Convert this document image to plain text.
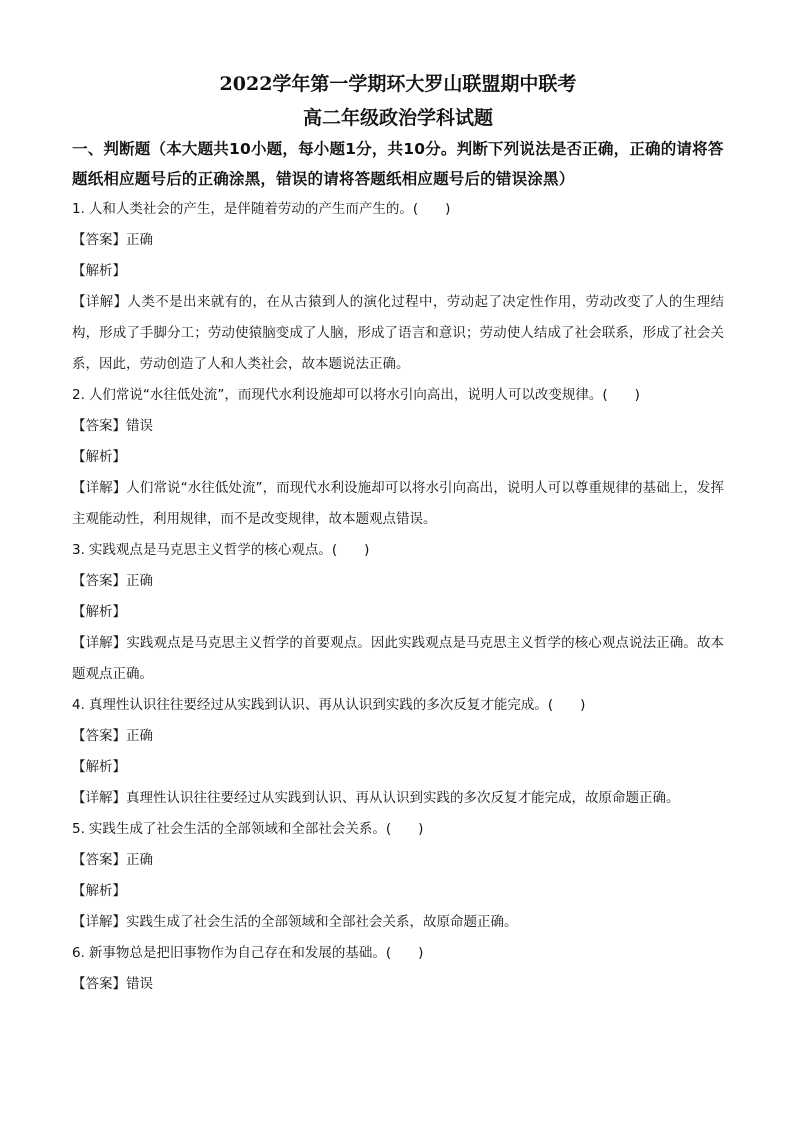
2022学年第一学期环大罗山联盟期中联考
高二年级政治学科试题
一、判断题（本大题共10小题，每小题1分，共10分。判断下列说法是否正确，正确的请将答题纸相应题号后的正确涂黑，错误的请将答题纸相应题号后的错误涂黑）
1. 人和人类社会的产生，是伴随着劳动的产生而产生的。(　　)
【答案】正确
【解析】
【详解】人类不是出来就有的，在从古猿到人的演化过程中，劳动起了决定性作用，劳动改变了人的生理结构，形成了手脚分工；劳动使猿脑变成了人脑，形成了语言和意识；劳动使人结成了社会联系，形成了社会关系，因此，劳动创造了人和人类社会，故本题说法正确。
2. 人们常说“水往低处流”，而现代水利设施却可以将水引向高出，说明人可以改变规律。(　　)
【答案】错误
【解析】
【详解】人们常说“水往低处流”，而现代水利设施却可以将水引向高出，说明人可以尊重规律的基础上，发挥主观能动性，利用规律，而不是改变规律，故本题观点错误。
3. 实践观点是马克思主义哲学的核心观点。(　　)
【答案】正确
【解析】
【详解】实践观点是马克思主义哲学的首要观点。因此实践观点是马克思主义哲学的核心观点说法正确。故本题观点正确。
4. 真理性认识往往要经过从实践到认识、再从认识到实践的多次反复才能完成。(　　)
【答案】正确
【解析】
【详解】真理性认识往往要经过从实践到认识、再从认识到实践的多次反复才能完成，故原命题正确。
5. 实践生成了社会生活的全部领域和全部社会关系。(　　)
【答案】正确
【解析】
【详解】实践生成了社会生活的全部领域和全部社会关系，故原命题正确。
6. 新事物总是把旧事物作为自己存在和发展的基础。(　　)
【答案】错误
